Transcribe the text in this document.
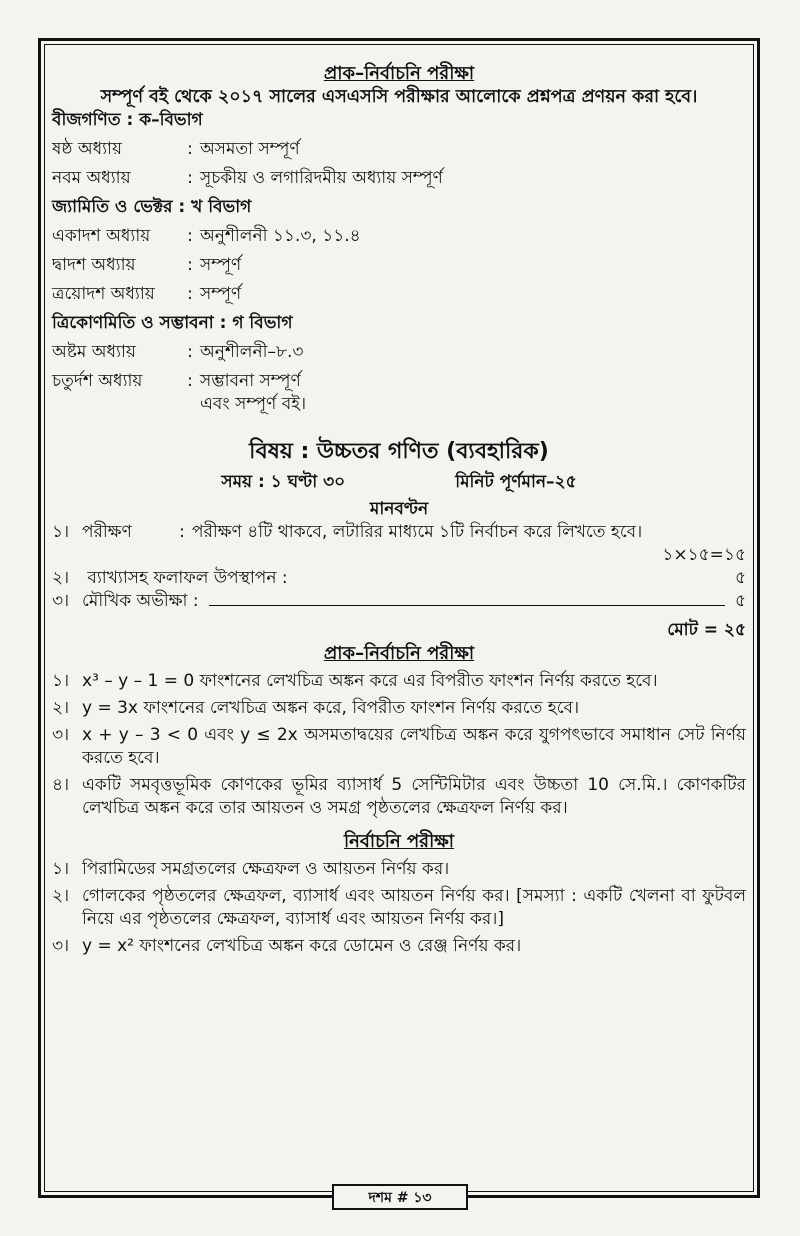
প্রাক–নির্বাচনি পরীক্ষা
সম্পূর্ণ বই থেকে ২০১৭ সালের এসএসসি পরীক্ষার আলোকে প্রশ্নপত্র প্রণয়ন করা হবে।
বীজগণিত : ক–বিভাগ
ষষ্ঠ অধ্যায়	: অসমতা সম্পূর্ণ
নবম অধ্যায়	: সূচকীয় ও লগারিদমীয় অধ্যায় সম্পূর্ণ
জ্যামিতি ও ভেক্টর : খ বিভাগ
একাদশ অধ্যায়	: অনুশীলনী ১১.৩, ১১.৪
দ্বাদশ অধ্যায়	: সম্পূর্ণ
ত্রয়োদশ অধ্যায়	: সম্পূর্ণ
ত্রিকোণমিতি ও সম্ভাবনা : গ বিভাগ
অষ্টম অধ্যায়	: অনুশীলনী–৮.৩
চতুর্দশ অধ্যায়	: সম্ভাবনা সম্পূর্ণ
এবং সম্পূর্ণ বই।
বিষয় : উচ্চতর গণিত (ব্যবহারিক)
সময় : ১ ঘণ্টা ৩০	মিনিট পূর্ণমান–২৫
মানবণ্টন
১। পরীক্ষণ	: পরীক্ষণ ৪টি থাকবে, লটারির মাধ্যমে ১টি নির্বাচন করে লিখতে হবে।
১×১৫=১৫
২। ব্যাখ্যাসহ ফলাফল উপস্থাপন :	৫
৩। মৌখিক অভীক্ষা :	৫
মোট = ২৫
প্রাক–নির্বাচনি পরীক্ষা
১। x³ – y – 1 = 0 ফাংশনের লেখচিত্র অঙ্কন করে এর বিপরীত ফাংশন নির্ণয় করতে হবে।
২। y = 3x ফাংশনের লেখচিত্র অঙ্কন করে, বিপরীত ফাংশন নির্ণয় করতে হবে।
৩। x + y – 3 < 0 এবং y ≤ 2x অসমতাদ্বয়ের লেখচিত্র অঙ্কন করে যুগপৎভাবে সমাধান সেট নির্ণয় করতে হবে।
৪। একটি সমবৃত্তভূমিক কোণকের ভূমির ব্যাসার্ধ 5 সেন্টিমিটার এবং উচ্চতা 10 সে.মি.। কোণকটির লেখচিত্র অঙ্কন করে তার আয়তন ও সমগ্র পৃষ্ঠতলের ক্ষেত্রফল নির্ণয় কর।
নির্বাচনি পরীক্ষা
১। পিরামিডের সমগ্রতলের ক্ষেত্রফল ও আয়তন নির্ণয় কর।
২। গোলকের পৃষ্ঠতলের ক্ষেত্রফল, ব্যাসার্ধ এবং আয়তন নির্ণয় কর। [সমস্যা : একটি খেলনা বা ফুটবল নিয়ে এর পৃষ্ঠতলের ক্ষেত্রফল, ব্যাসার্ধ এবং আয়তন নির্ণয় কর।]
৩। y = x² ফাংশনের লেখচিত্র অঙ্কন করে ডোমেন ও রেঞ্জ নির্ণয় কর।
দশম # ১৩
